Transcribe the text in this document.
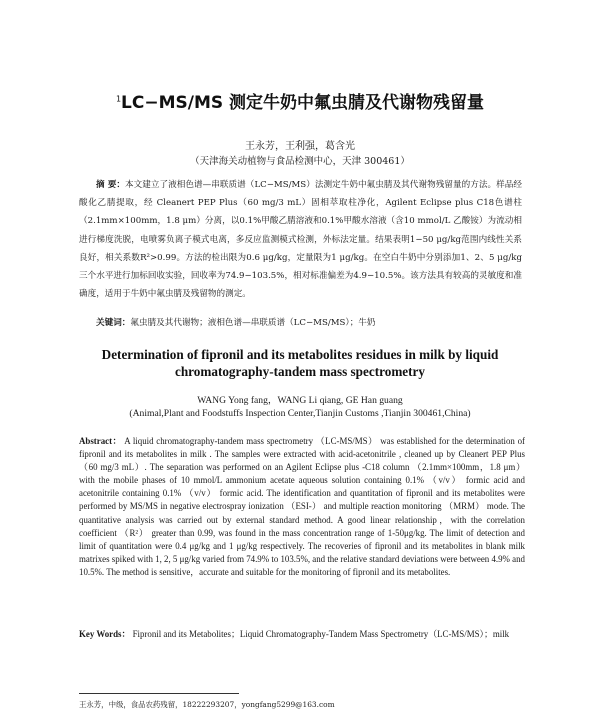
$^1$LC−MS/MS 测定牛奶中氟虫腈及代谢物残留量
王永芳，王利强，葛含光
（天津海关动植物与食品检测中心，天津 300461）
摘 要：本文建立了液相色谱—串联质谱（LC−MS/MS）法测定牛奶中氟虫腈及其代谢物残留量的方法。样品经酸化乙腈提取，经 Cleanert PEP Plus（60 mg/3 mL）固相萃取柱净化，Agilent Eclipse plus C18色谱柱（2.1mm×100mm，1.8 μm）分离，以0.1%甲酸乙腈溶液和0.1%甲酸水溶液（含10 mmol/L 乙酸铵）为流动相进行梯度洗脱，电喷雾负离子模式电离，多反应监测模式检测，外标法定量。结果表明1−50 μg/kg范围内线性关系良好，相关系数R²>0.99。方法的检出限为0.6 μg/kg，定量限为1 μg/kg。在空白牛奶中分别添加1、2、5 μg/kg三个水平进行加标回收实验，回收率为74.9−103.5%，相对标准偏差为4.9−10.5%。该方法具有较高的灵敏度和准确度，适用于牛奶中氟虫腈及残留物的测定。
关键词：氟虫腈及其代谢物；液相色谱—串联质谱（LC−MS/MS）；牛奶
Determination of fipronil and its metabolites residues in milk by liquid chromatography-tandem mass spectrometry
WANG Yong fang，WANG Li qiang, GE Han guang
(Animal,Plant and Foodstuffs Inspection Center,Tianjin Customs ,Tianjin 300461,China)
Abstract： A liquid chromatography-tandem mass spectrometry （LC-MS/MS） was established for the determination of fipronil and its metabolites in milk . The samples were extracted with acid-acetonitrile , cleaned up by Cleanert PEP Plus （60 mg/3 mL）. The separation was performed on an Agilent Eclipse plus -C18 column （2.1mm×100mm，1.8 μm） with the mobile phases of 10 mmol/L ammonium acetate aqueous solution containing 0.1% （v/v） formic acid and acetonitrile containing 0.1% （v/v） formic acid. The identification and quantitation of fipronil and its metabolites were performed by MS/MS in negative electrospray ionization （ESI-） and multiple reaction monitoring （MRM） mode. The quantitative analysis was carried out by external standard method. A good linear relationship，with the correlation coefficient （R²） greater than 0.99, was found in the mass concentration range of 1-50μg/kg. The limit of detection and limit of quantitation were 0.4 μg/kg and 1 μg/kg respectively. The recoveries of fipronil and its metabolites in blank milk matrixes spiked with 1, 2, 5 μg/kg varied from 74.9% to 103.5%, and the relative standard deviations were between 4.9% and 10.5%. The method is sensitive，accurate and suitable for the monitoring of fipronil and its metabolites.
Key Words： Fipronil and its Metabolites；Liquid Chromatography-Tandem Mass Spectrometry（LC-MS/MS）；milk
王永芳，中级，食品农药残留，18222293207，yongfang5299@163.com
